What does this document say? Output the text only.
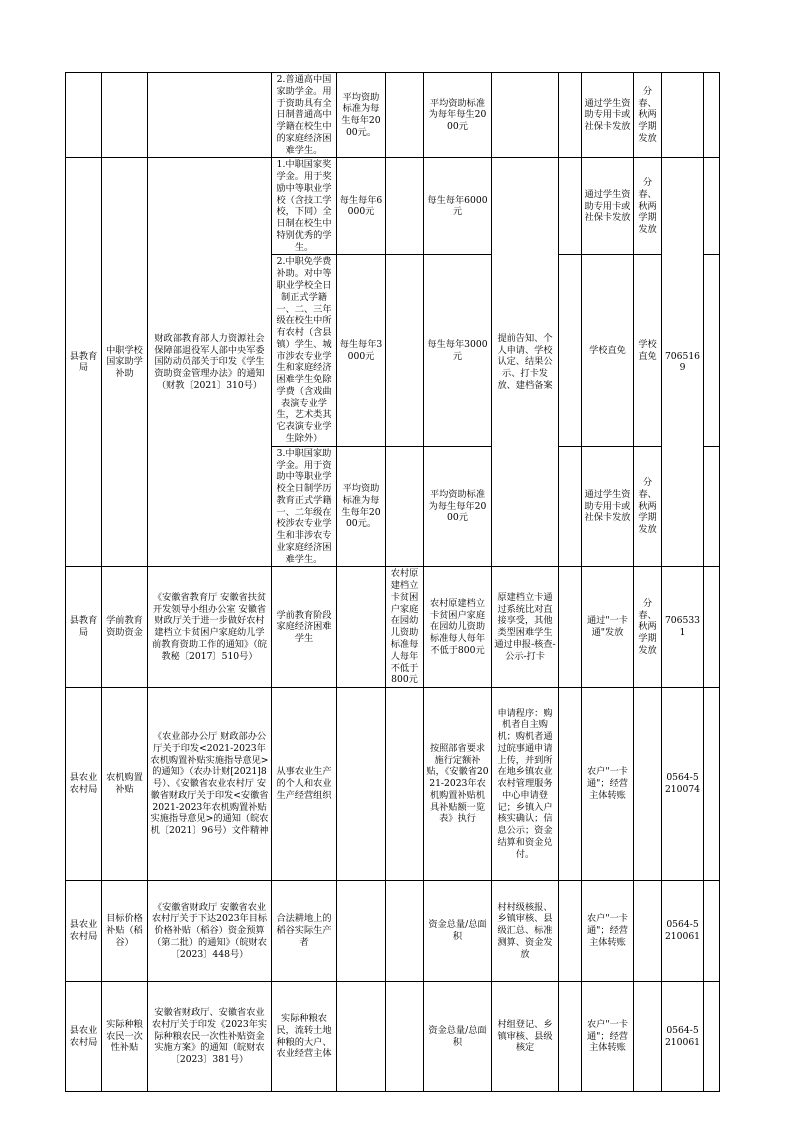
			2.普通高中国家助学金。用于资助具有全日制普通高中学籍在校生中的家庭经济困难学生。	平均资助标准为每生每年2000元。		平均资助标准为每年每生2000元			通过学生资助专用卡或社保卡发放	分春、秋两学期发放		
县教育局	中职学校国家助学补助	财政部教育部人力资源社会保障部退役军人部中央军委国防动员部关于印发《学生资助资金管理办法》的通知（财教〔2021〕310号）	1.中职国家奖学金。用于奖励中等职业学校（含技工学校，下同）全日制在校生中特别优秀的学生。	每生每年6000元		每生每年6000元	提前告知、个人申请、学校认定、结果公示、打卡发放、建档备案		通过学生资助专用卡或社保卡发放	分春、秋两学期发放	7065169	
			2.中职免学费补助。对中等职业学校全日制正式学籍一、二、三年级在校生中所有农村（含县镇）学生、城市涉农专业学生和家庭经济困难学生免除学费（含戏曲表演专业学生，艺术类其它表演专业学生除外）	每生每年3000元		每生每年3000元			学校直免	学校直免		
			3.中职国家助学金。用于资助中等职业学校全日制学历教育正式学籍一、二年级在校涉农专业学生和非涉农专业家庭经济困难学生。	平均资助标准为每生每年2000元。		平均资助标准为每生每年2000元			通过学生资助专用卡或社保卡发放	分春、秋两学期发放		
县教育局	学前教育资助资金	《安徽省教育厅 安徽省扶贫开发领导小组办公室 安徽省财政厅关于进一步做好农村建档立卡贫困户家庭幼儿学前教育资助工作的通知》（皖教秘〔2017〕510号）	学前教育阶段家庭经济困难学生		农村原建档立卡贫困户家庭在园幼儿资助标准每人每年不低于800元	农村原建档立卡贫困户家庭在园幼儿资助标准每人每年不低于800元	原建档立卡通过系统比对直接享受，其他类型困难学生通过申报-核查-公示-打卡		通过"一卡通"发放	分春、秋两学期发放	7065331	
县农业农村局	农机购置补贴	《农业部办公厅 财政部办公厅关于印发<2021-2023年农机购置补贴实施指导意见>的通知》（农办计财[2021]8号）、《安徽省农业农村厅 安徽省财政厅关于印发<安徽省2021-2023年农机购置补贴实施指导意见>的通知（皖农机〔2021〕96号）文件精神	从事农业生产的个人和农业生产经营组织			按照部省要求施行定额补贴，《安徽省2021-2023年农机购置补贴机具补贴额一览表》执行	申请程序：购机者自主购机；购机者通过皖事通申请上传，并到所在地乡镇农业农村管理服务中心申请登记；乡镇入户核实确认；信息公示；资金结算和资金兑付。		农户"一卡通"；经营主体转账		0564-5210074	
县农业农村局	目标价格补贴（稻谷）	《安徽省财政厅 安徽省农业农村厅关于下达2023年目标价格补贴（稻谷）资金预算（第二批）的通知》（皖财农〔2023〕448号）	合法耕地上的稻谷实际生产者			资金总量/总面积	村村级核报、乡镇审核、县级汇总、标准测算、资金发放		农户"一卡通"；经营主体转账		0564-5210061	
县农业农村局	实际种粮农民一次性补贴	安徽省财政厅、安徽省农业农村厅关于印发《2023年实际种粮农民一次性补贴资金实施方案》的通知（皖财农〔2023〕381号）	实际种粮农民，流转土地种粮的大户、农业经营主体			资金总量/总面积	村组登记、乡镇审核、县级核定		农户"一卡通"；经营主体转账		0564-5210061	
